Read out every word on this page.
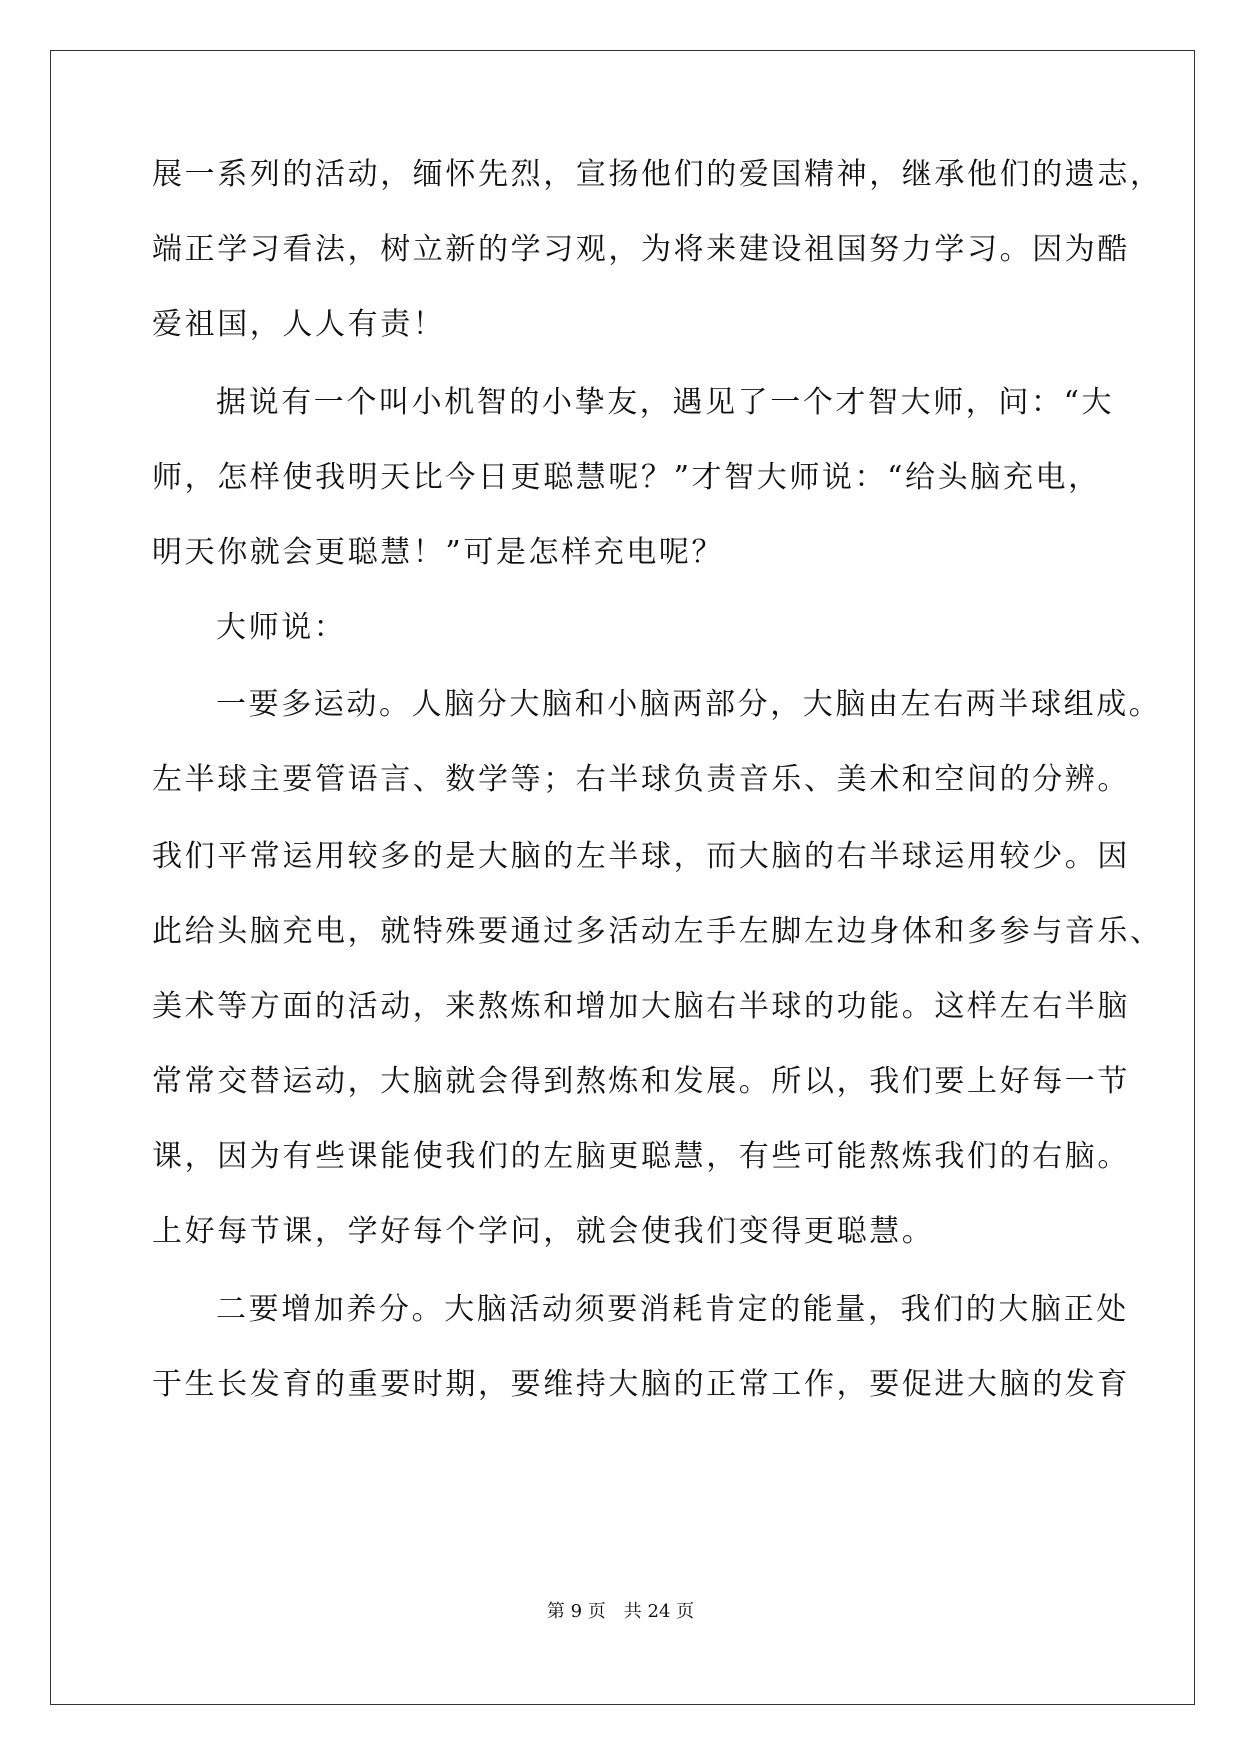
展一系列的活动，缅怀先烈，宣扬他们的爱国精神，继承他们的遗志，
端正学习看法，树立新的学习观，为将来建设祖国努力学习。因为酷
爱祖国，人人有责！
据说有一个叫小机智的小挚友，遇见了一个才智大师，问：“大
师，怎样使我明天比今日更聪慧呢？”才智大师说：“给头脑充电，
明天你就会更聪慧！”可是怎样充电呢？
大师说：
一要多运动。人脑分大脑和小脑两部分，大脑由左右两半球组成。
左半球主要管语言、数学等；右半球负责音乐、美术和空间的分辨。
我们平常运用较多的是大脑的左半球，而大脑的右半球运用较少。因
此给头脑充电，就特殊要通过多活动左手左脚左边身体和多参与音乐、
美术等方面的活动，来熬炼和增加大脑右半球的功能。这样左右半脑
常常交替运动，大脑就会得到熬炼和发展。所以，我们要上好每一节
课，因为有些课能使我们的左脑更聪慧，有些可能熬炼我们的右脑。
上好每节课，学好每个学问，就会使我们变得更聪慧。
二要增加养分。大脑活动须要消耗肯定的能量，我们的大脑正处
于生长发育的重要时期，要维持大脑的正常工作，要促进大脑的发育
第 9 页　共 24 页
